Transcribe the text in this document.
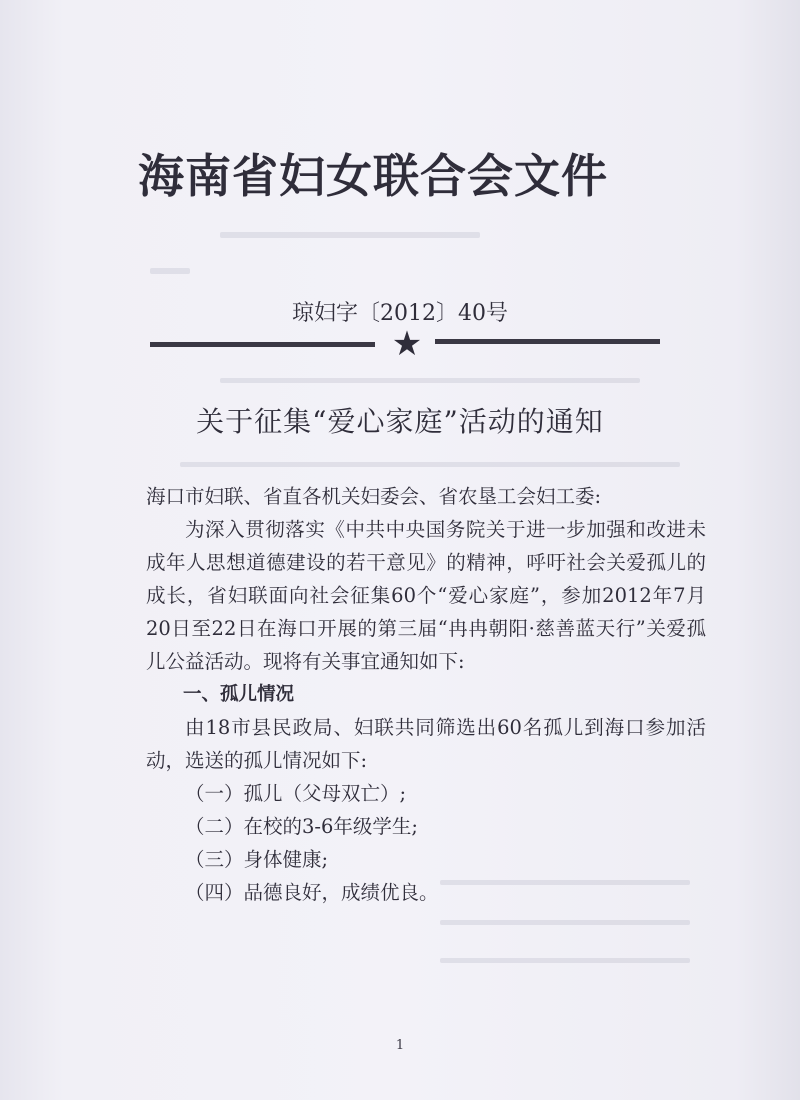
海南省妇女联合会文件
琼妇字〔2012〕40号
★
关于征集“爱心家庭”活动的通知

海口市妇联、省直各机关妇委会、省农垦工会妇工委:

为深入贯彻落实《中共中央国务院关于进一步加强和改进未成年人思想道德建设的若干意见》的精神，呼吁社会关爱孤儿的成长，省妇联面向社会征集60个“爱心家庭”，参加2012年7月20日至22日在海口开展的第三届“冉冉朝阳·慈善蓝天行”关爱孤儿公益活动。现将有关事宜通知如下:

一、孤儿情况

由18市县民政局、妇联共同筛选出60名孤儿到海口参加活动，选送的孤儿情况如下:

（一）孤儿（父母双亡）;

（二）在校的3-6年级学生;

（三）身体健康;

（四）品德良好，成绩优良。

1
